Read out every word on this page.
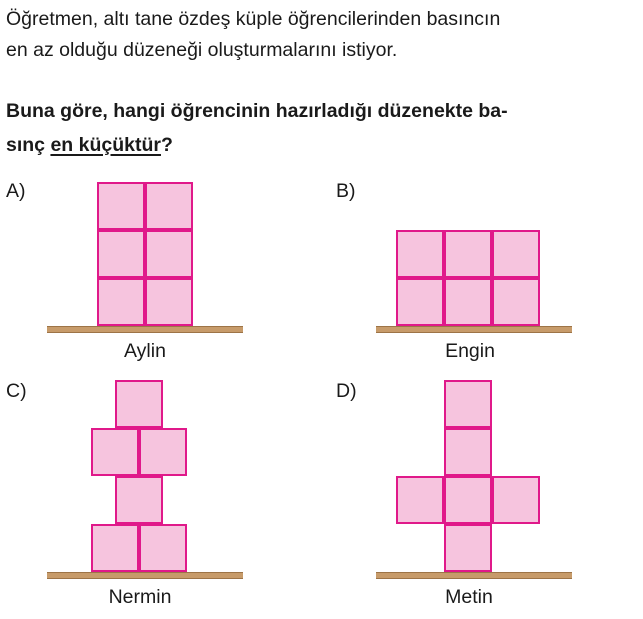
Öğretmen, altı tane özdeş küple öğrencilerinden basıncın
en az olduğu düzeneği oluşturmalarını istiyor.
Buna göre, hangi öğrencinin hazırladığı düzenekte ba-
sınç en küçüktür?
A)
Aylin
B)
Engin
C)
Nermin
D)
Metin
